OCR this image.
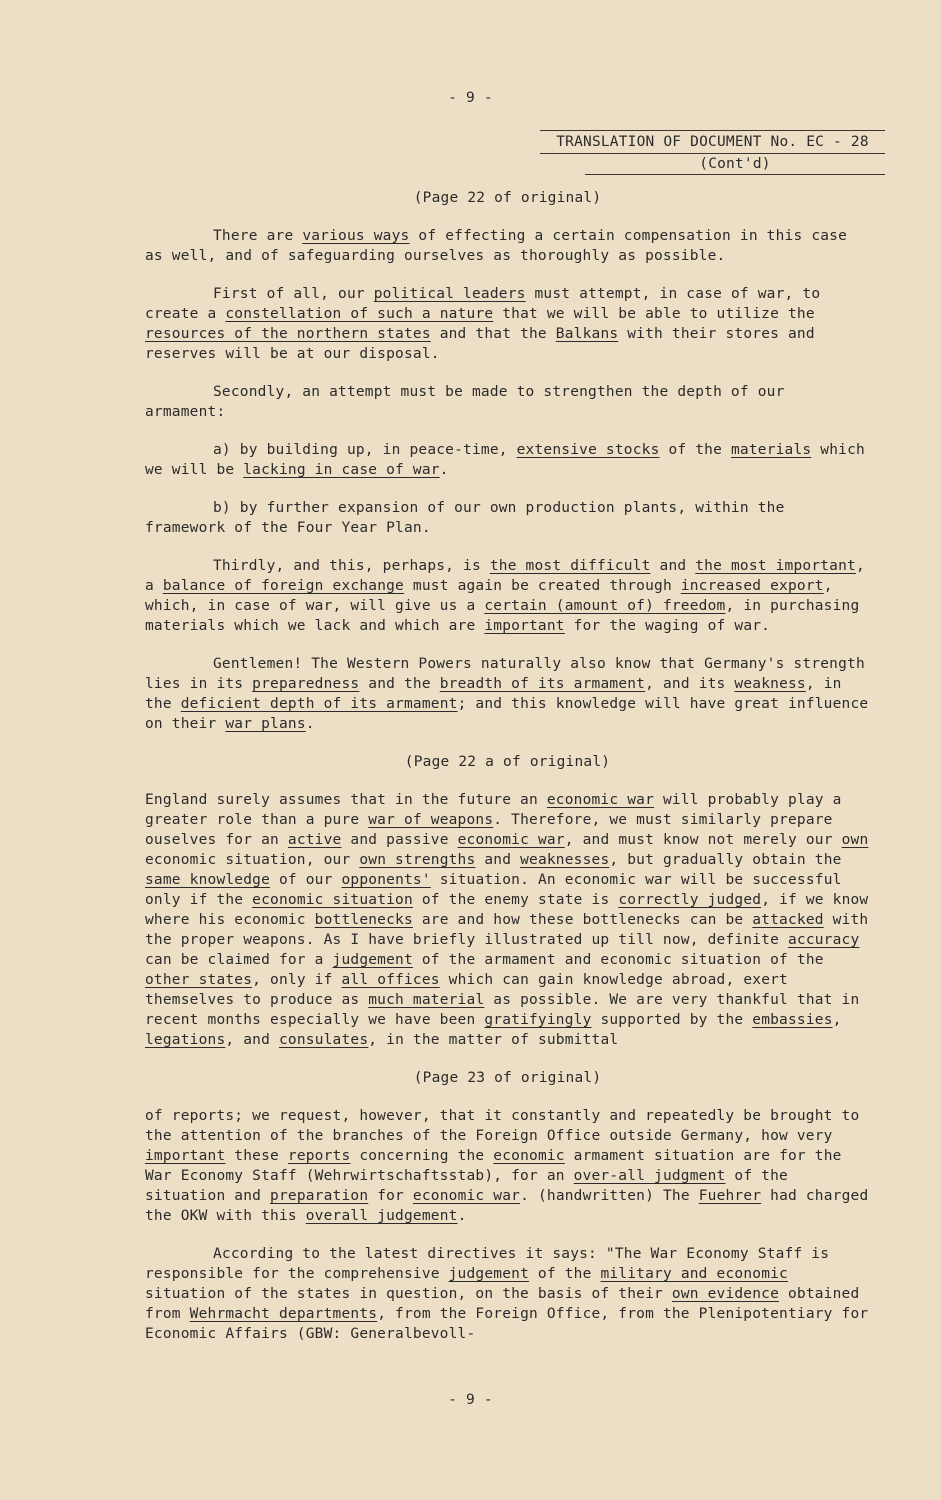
- 9 -
TRANSLATION OF DOCUMENT No. EC - 28
(Cont'd)

(Page 22 of original)

There are various ways of effecting a certain compensation in this case as well, and of safeguarding ourselves as thoroughly as possible.

First of all, our political leaders must attempt, in case of war, to create a constellation of such a nature that we will be able to utilize the resources of the northern states and that the Balkans with their stores and reserves will be at our disposal.

Secondly, an attempt must be made to strengthen the depth of our armament:

a) by building up, in peace-time, extensive stocks of the materials which we will be lacking in case of war.

b) by further expansion of our own production plants, within the framework of the Four Year Plan.

Thirdly, and this, perhaps, is the most difficult and the most important, a balance of foreign exchange must again be created through increased export, which, in case of war, will give us a certain (amount of) freedom, in purchasing materials which we lack and which are important for the waging of war.

Gentlemen! The Western Powers naturally also know that Germany's strength lies in its preparedness and the breadth of its armament, and its weakness, in the deficient depth of its armament; and this knowledge will have great influence on their war plans.

(Page 22 a of original)

England surely assumes that in the future an economic war will probably play a greater role than a pure war of weapons. Therefore, we must similarly prepare ouselves for an active and passive economic war, and must know not merely our own economic situation, our own strengths and weaknesses, but gradually obtain the same knowledge of our opponents' situation. An economic war will be successful only if the economic situation of the enemy state is correctly judged, if we know where his economic bottlenecks are and how these bottlenecks can be attacked with the proper weapons. As I have briefly illustrated up till now, definite accuracy can be claimed for a judgement of the armament and economic situation of the other states, only if all offices which can gain knowledge abroad, exert themselves to produce as much material as possible. We are very thankful that in recent months especially we have been gratifyingly supported by the embassies, legations, and consulates, in the matter of submittal

(Page 23 of original)

of reports; we request, however, that it constantly and repeatedly be brought to the attention of the branches of the Foreign Office outside Germany, how very important these reports concerning the economic armament situation are for the War Economy Staff (Wehrwirtschaftsstab), for an over-all judgment of the situation and preparation for economic war. (handwritten) The Fuehrer had charged the OKW with this overall judgement.

According to the latest directives it says: "The War Economy Staff is responsible for the comprehensive judgement of the military and economic situation of the states in question, on the basis of their own evidence obtained from Wehrmacht departments, from the Foreign Office, from the Plenipotentiary for Economic Affairs (GBW: Generalbevoll-

- 9 -
